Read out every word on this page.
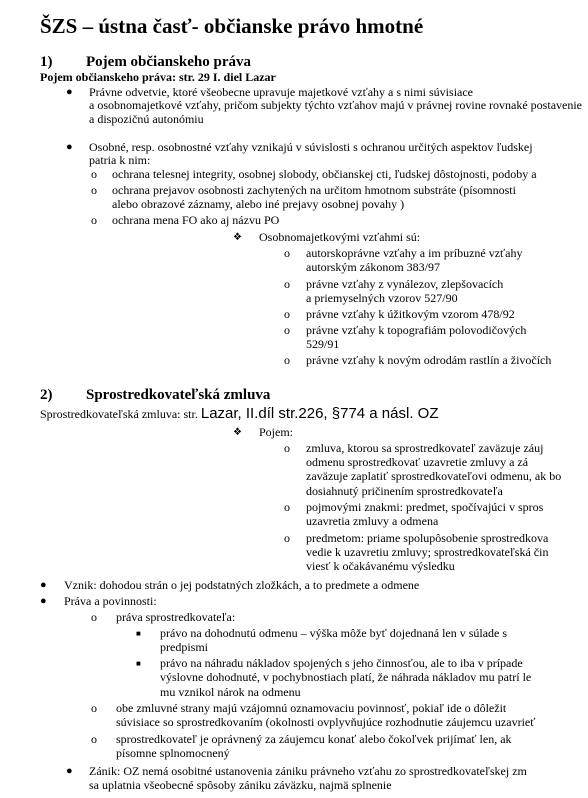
ŠZS – ústna časť- občianske právo hmotné
1) Pojem občianskeho práva
Pojem občianskeho práva: str. 29 I. diel Lazar
● Právne odvetvie, ktoré všeobecne upravuje majetkové vzťahy a s nimi súvisiace
a osobnomajetkové vzťahy, pričom subjekty týchto vzťahov majú v právnej rovine rovnaké postavenie
a dispozičnú autonómiu
● Osobné, resp. osobnostné vzťahy vznikajú v súvislosti s ochranou určitých aspektov ľudskej
patria k nim:
o ochrana telesnej integrity, osobnej slobody, občianskej cti, ľudskej dôstojnosti, podoby a
o ochrana prejavov osobnosti zachytených na určitom hmotnom substráte (písomnosti
alebo obrazové záznamy, alebo iné prejavy osobnej povahy )
o ochrana mena FO ako aj názvu PO
❖ Osobnomajetkovými vzťahmi sú:
o autorskoprávne vzťahy a im príbuzné vzťahy
autorským zákonom 383/97
o právne vzťahy z vynálezov, zlepšovacích
a priemyselných vzorov 527/90
o právne vzťahy k úžitkovým vzorom 478/92
o právne vzťahy k topografiám polovodičových
529/91
o právne vzťahy k novým odrodám rastlín a živočích
2) Sprostredkovateľská zmluva
Sprostredkovateľská zmluva: str. Lazar, II.díl str.226, §774 a násl. OZ
❖ Pojem:
o zmluva, ktorou sa sprostredkovateľ zaväzuje záuj
odmenu sprostredkovať uzavretie zmluvy a zá
zaväzuje zaplatiť sprostredkovateľovi odmenu, ak bo
dosiahnutý pričinením sprostredkovateľa
o pojmovými znakmi: predmet, spočívajúci v spros
uzavretia zmluvy a odmena
o predmetom: priame spolupôsobenie sprostredkova
vedie k uzavretiu zmluvy; sprostredkovateľská čin
viesť k očakávanému výsledku
● Vznik: dohodou strán o jej podstatných zložkách, a to predmete a odmene
● Práva a povinnosti:
o práva sprostredkovateľa:
■ právo na dohodnutú odmenu – výška môže byť dojednaná len v súlade s
predpismi
■ právo na náhradu nákladov spojených s jeho činnosťou, ale to iba v prípade
výslovne dohodnuté, v pochybnostiach platí, že náhrada nákladov mu patrí le
mu vznikol nárok na odmenu
o obe zmluvné strany majú vzájomnú oznamovaciu povinnosť, pokiaľ ide o dôležit
súvisiace so sprostredkovaním (okolnosti ovplyvňujúce rozhodnutie záujemcu uzavrieť
o sprostredkovateľ je oprávnený za záujemcu konať alebo čokoľvek prijímať len, ak
písomne splnomocnený
● Zánik: OZ nemá osobitné ustanovenia zániku právneho vzťahu zo sprostredkovateľskej zm
sa uplatnia všeobecné spôsoby zániku záväzku, najmä splnenie
